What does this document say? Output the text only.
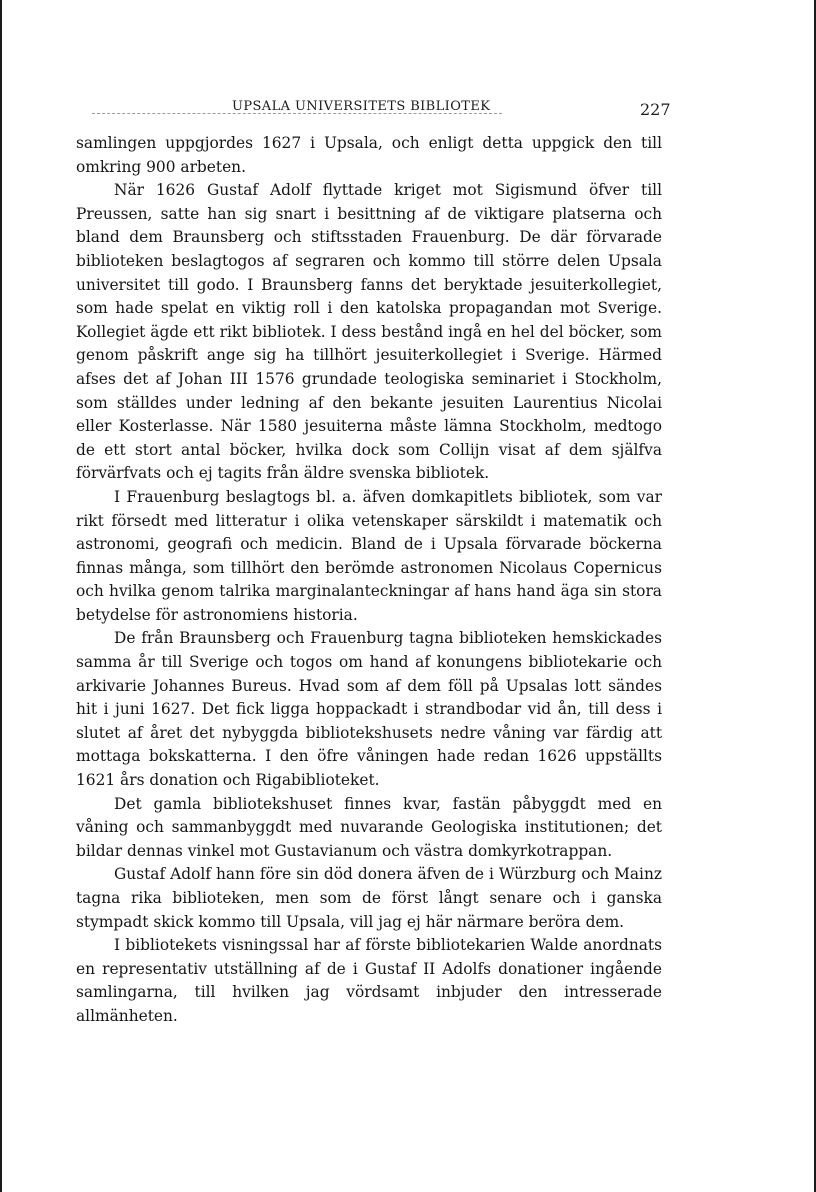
UPSALA UNIVERSITETS BIBLIOTEK	227

samlingen uppgjordes 1627 i Upsala, och enligt detta uppgick den till omkring 900 arbeten.

När 1626 Gustaf Adolf flyttade kriget mot Sigismund öfver till Preussen, satte han sig snart i besittning af de viktigare platserna och bland dem Braunsberg och stiftsstaden Frauenburg. De där förvarade biblioteken beslagtogos af segraren och kommo till större delen Upsala universitet till godo. I Braunsberg fanns det beryktade jesuiterkollegiet, som hade spelat en viktig roll i den katolska propagandan mot Sverige. Kollegiet ägde ett rikt bibliotek. I dess bestånd ingå en hel del böcker, som genom påskrift ange sig ha tillhört jesuiterkollegiet i Sverige. Härmed afses det af Johan III 1576 grundade teologiska seminariet i Stockholm, som ställdes under ledning af den bekante jesuiten Laurentius Nicolai eller Kosterlasse. När 1580 jesuiterna måste lämna Stockholm, medtogo de ett stort antal böcker, hvilka dock som Collijn visat af dem själfva förvärfvats och ej tagits från äldre svenska bibliotek.

I Frauenburg beslagtogs bl. a. äfven domkapitlets bibliotek, som var rikt försedt med litteratur i olika vetenskaper särskildt i matematik och astronomi, geografi och medicin. Bland de i Upsala förvarade böckerna finnas många, som tillhört den berömde astronomen Nicolaus Copernicus och hvilka genom talrika marginalanteckningar af hans hand äga sin stora betydelse för astronomiens historia.

De från Braunsberg och Frauenburg tagna biblioteken hemskickades samma år till Sverige och togos om hand af konungens bibliotekarie och arkivarie Johannes Bureus. Hvad som af dem föll på Upsalas lott sändes hit i juni 1627. Det fick ligga hoppackadt i strandbodar vid ån, till dess i slutet af året det nybyggda bibliotekshusets nedre våning var färdig att mottaga bokskatterna. I den öfre våningen hade redan 1626 uppställts 1621 års donation och Rigabiblioteket.

Det gamla bibliotekshuset finnes kvar, fastän påbyggdt med en våning och sammanbyggdt med nuvarande Geologiska institutionen; det bildar dennas vinkel mot Gustavianum och västra domkyrkotrappan.

Gustaf Adolf hann före sin död donera äfven de i Würzburg och Mainz tagna rika biblioteken, men som de först långt senare och i ganska stympadt skick kommo till Upsala, vill jag ej här närmare beröra dem.

I bibliotekets visningssal har af förste bibliotekarien Walde anordnats en representativ utställning af de i Gustaf II Adolfs donationer ingående samlingarna, till hvilken jag vördsamt inbjuder den intresserade allmänheten.
